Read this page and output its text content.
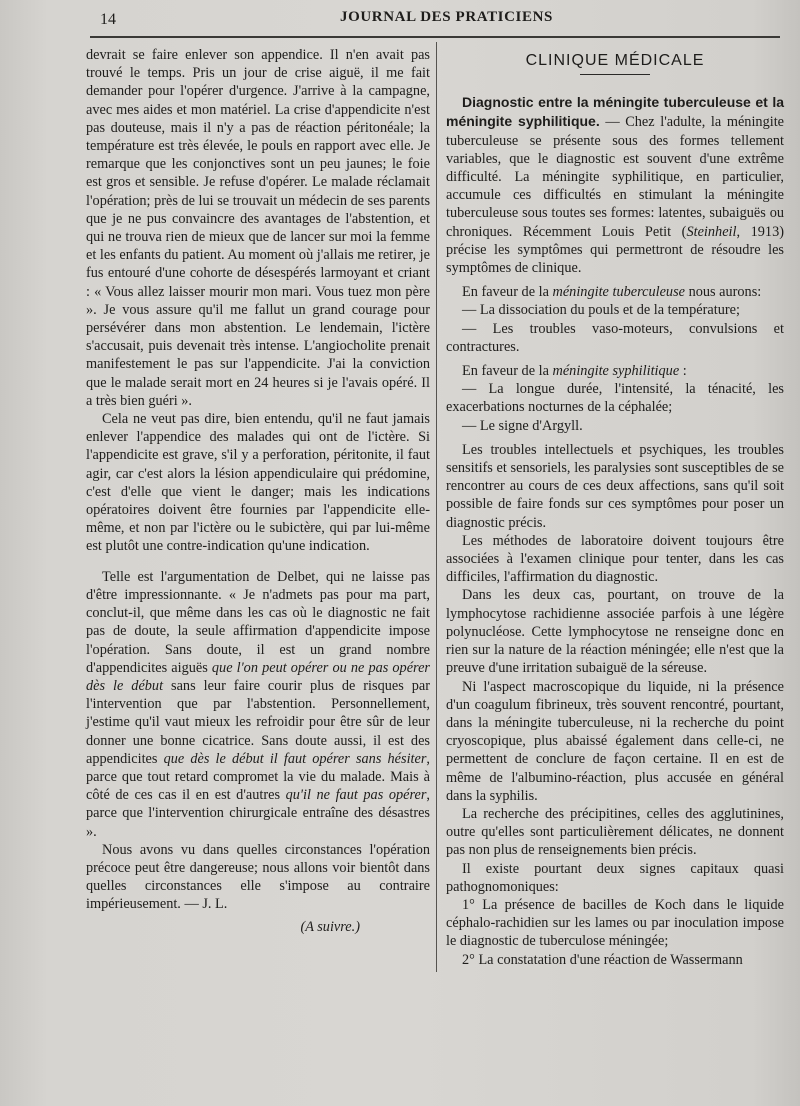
14	JOURNAL DES PRATICIENS

devrait se faire enlever son appendice. Il n'en avait pas trouvé le temps. Pris un jour de crise aiguë, il me fait demander pour l'opérer d'urgence. J'arrive à la campagne, avec mes aides et mon matériel. La crise d'appendicite n'est pas douteuse, mais il n'y a pas de réaction péritonéale; la température est très élevée, le pouls en rapport avec elle. Je remarque que les conjonctives sont un peu jaunes; le foie est gros et sensible. Je refuse d'opérer. Le malade réclamait l'opération; près de lui se trouvait un médecin de ses parents que je ne pus convaincre des avantages de l'abstention, et qui ne trouva rien de mieux que de lancer sur moi la femme et les enfants du patient. Au moment où j'allais me retirer, je fus entouré d'une cohorte de désespérés larmoyant et criant : « Vous allez laisser mourir mon mari. Vous tuez mon père ». Je vous assure qu'il me fallut un grand courage pour persévérer dans mon abstention. Le lendemain, l'ictère s'accusait, puis devenait très intense. L'angiocholite prenait manifestement le pas sur l'appendicite. J'ai la conviction que le malade serait mort en 24 heures si je l'avais opéré. Il a très bien guéri ».

Cela ne veut pas dire, bien entendu, qu'il ne faut jamais enlever l'appendice des malades qui ont de l'ictère. Si l'appendicite est grave, s'il y a perforation, péritonite, il faut agir, car c'est alors la lésion appendiculaire qui prédomine, c'est d'elle que vient le danger; mais les indications opératoires doivent être fournies par l'appendicite elle-même, et non par l'ictère ou le subictère, qui par lui-même est plutôt une contre-indication qu'une indication.

Telle est l'argumentation de Delbet, qui ne laisse pas d'être impressionnante. « Je n'admets pas pour ma part, conclut-il, que même dans les cas où le diagnostic ne fait pas de doute, la seule affirmation d'appendicite impose l'opération. Sans doute, il est un grand nombre d'appendicites aiguës que l'on peut opérer ou ne pas opérer dès le début sans leur faire courir plus de risques par l'intervention que par l'abstention. Personnellement, j'estime qu'il vaut mieux les refroidir pour être sûr de leur donner une bonne cicatrice. Sans doute aussi, il est des appendicites que dès le début il faut opérer sans hésiter, parce que tout retard compromet la vie du malade. Mais à côté de ces cas il en est d'autres qu'il ne faut pas opérer, parce que l'intervention chirurgicale entraîne des désastres ».

Nous avons vu dans quelles circonstances l'opération précoce peut être dangereuse; nous allons voir bientôt dans quelles circonstances elle s'impose au contraire impérieusement. — J. L.

(A suivre.)

CLINIQUE MÉDICALE

Diagnostic entre la méningite tuberculeuse et la méningite syphilitique. — Chez l'adulte, la méningite tuberculeuse se présente sous des formes tellement variables, que le diagnostic est souvent d'une extrême difficulté. La méningite syphilitique, en particulier, accumule ces difficultés en stimulant la méningite tuberculeuse sous toutes ses formes: latentes, subaiguës ou chroniques. Récemment Louis Petit (Steinheil, 1913) précise les symptômes qui permettront de résoudre les symptômes de clinique.

En faveur de la méningite tuberculeuse nous aurons:

— La dissociation du pouls et de la température;

— Les troubles vaso-moteurs, convulsions et contractures.

En faveur de la méningite syphilitique :

— La longue durée, l'intensité, la ténacité, les exacerbations nocturnes de la céphalée;

— Le signe d'Argyll.

Les troubles intellectuels et psychiques, les troubles sensitifs et sensoriels, les paralysies sont susceptibles de se rencontrer au cours de ces deux affections, sans qu'il soit possible de faire fonds sur ces symptômes pour poser un diagnostic précis.

Les méthodes de laboratoire doivent toujours être associées à l'examen clinique pour tenter, dans les cas difficiles, l'affirmation du diagnostic.

Dans les deux cas, pourtant, on trouve de la lymphocytose rachidienne associée parfois à une légère polynucléose. Cette lymphocytose ne renseigne donc en rien sur la nature de la réaction méningée; elle n'est que la preuve d'une irritation subaiguë de la séreuse.

Ni l'aspect macroscopique du liquide, ni la présence d'un coagulum fibrineux, très souvent rencontré, pourtant, dans la méningite tuberculeuse, ni la recherche du point cryoscopique, plus abaissé également dans celle-ci, ne permettent de conclure de façon certaine. Il en est de même de l'albumino-réaction, plus accusée en général dans la syphilis.

La recherche des précipitines, celles des agglutinines, outre qu'elles sont particulièrement délicates, ne donnent pas non plus de renseignements bien précis.

Il existe pourtant deux signes capitaux quasi pathognomoniques:

1° La présence de bacilles de Koch dans le liquide céphalo-rachidien sur les lames ou par inoculation impose le diagnostic de tuberculose méningée;

2° La constatation d'une réaction de Wassermann
